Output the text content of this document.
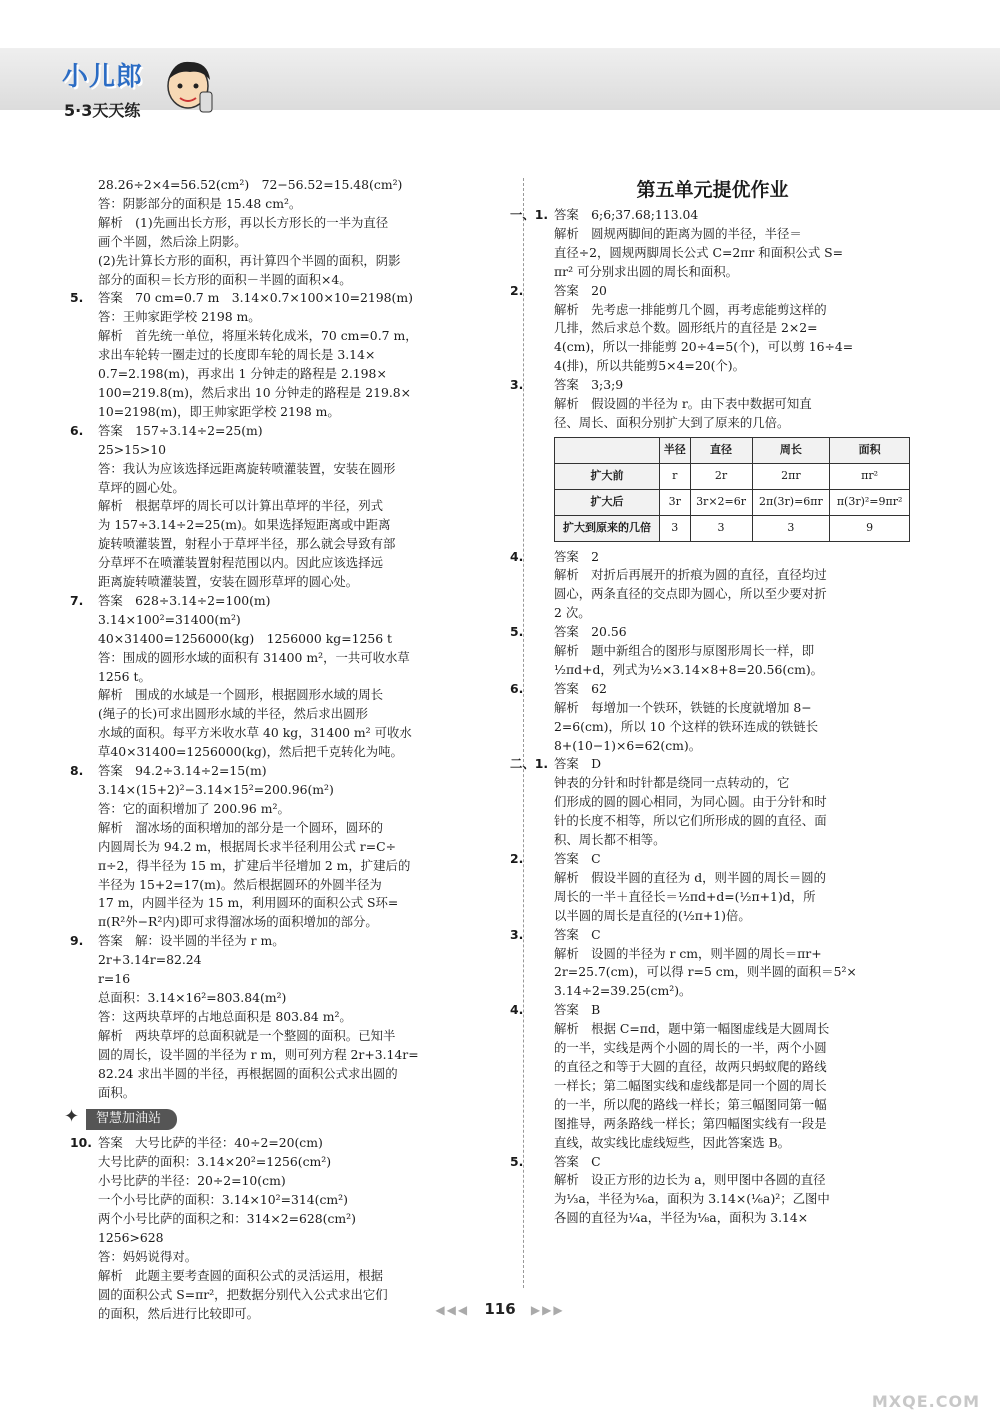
小儿郎
5·3天天练
28.26÷2×4=56.52(cm²)　72−56.52=15.48(cm²)
答：阴影部分的面积是 15.48 cm²。
解析　(1)先画出长方形，再以长方形长的一半为直径
画个半圆，然后涂上阴影。
(2)先计算长方形的面积，再计算四个半圆的面积，阴影
部分的面积＝长方形的面积－半圆的面积×4。
5.	答案　70 cm=0.7 m　3.14×0.7×100×10=2198(m)
答：王帅家距学校 2198 m。
解析　首先统一单位，将厘米转化成米，70 cm=0.7 m，
求出车轮转一圈走过的长度即车轮的周长是 3.14×
0.7=2.198(m)，再求出 1 分钟走的路程是 2.198×
100=219.8(m)，然后求出 10 分钟走的路程是 219.8×
10=2198(m)，即王帅家距学校 2198 m。
6.	答案　157÷3.14÷2=25(m)
25>15>10
答：我认为应该选择远距离旋转喷灌装置，安装在圆形
草坪的圆心处。
解析　根据草坪的周长可以计算出草坪的半径，列式
为 157÷3.14÷2=25(m)。如果选择短距离或中距离
旋转喷灌装置，射程小于草坪半径，那么就会导致有部
分草坪不在喷灌装置射程范围以内。因此应该选择远
距离旋转喷灌装置，安装在圆形草坪的圆心处。
7.	答案　628÷3.14÷2=100(m)
3.14×100²=31400(m²)
40×31400=1256000(kg)　1256000 kg=1256 t
答：围成的圆形水域的面积有 31400 m²，一共可收水草
1256 t。
解析　围成的水域是一个圆形，根据圆形水域的周长
(绳子的长)可求出圆形水域的半径，然后求出圆形
水域的面积。每平方米收水草 40 kg，31400 m² 可收水
草40×31400=1256000(kg)，然后把千克转化为吨。
8.	答案　94.2÷3.14÷2=15(m)
3.14×(15+2)²−3.14×15²=200.96(m²)
答：它的面积增加了 200.96 m²。
解析　溜冰场的面积增加的部分是一个圆环，圆环的
内圆周长为 94.2 m，根据周长求半径利用公式 r=C÷
π÷2，得半径为 15 m，扩建后半径增加 2 m，扩建后的
半径为 15+2=17(m)。然后根据圆环的外圆半径为
17 m，内圆半径为 15 m，利用圆环的面积公式 S环=
π(R²外−R²内)即可求得溜冰场的面积增加的部分。
9.	答案　解：设半圆的半径为 r m。
2r+3.14r=82.24
r=16
总面积：3.14×16²=803.84(m²)
答：这两块草坪的占地总面积是 803.84 m²。
解析　两块草坪的总面积就是一个整圆的面积。已知半
圆的周长，设半圆的半径为 r m，则可列方程 2r+3.14r=
82.24 求出半圆的半径，再根据圆的面积公式求出圆的
面积。
✦	智慧加油站
10. 答案　大号比萨的半径：40÷2=20(cm)
大号比萨的面积：3.14×20²=1256(cm²)
小号比萨的半径：20÷2=10(cm)
一个小号比萨的面积：3.14×10²=314(cm²)
两个小号比萨的面积之和：314×2=628(cm²)
1256>628
答：妈妈说得对。
解析　此题主要考查圆的面积公式的灵活运用，根据
圆的面积公式 S=πr²，把数据分别代入公式求出它们
的面积，然后进行比较即可。
第五单元提优作业
一、1. 答案　6;6;37.68;113.04
解析　圆规两脚间的距离为圆的半径，半径＝
直径÷2，圆规两脚周长公式 C=2πr 和面积公式 S=
πr² 可分别求出圆的周长和面积。
2.	答案　20
解析　先考虑一排能剪几个圆，再考虑能剪这样的
几排，然后求总个数。圆形纸片的直径是 2×2=
4(cm)，所以一排能剪 20÷4=5(个)，可以剪 16÷4=
4(排)，所以共能剪5×4=20(个)。
3.	答案　3;3;9
解析　假设圆的半径为 r。由下表中数据可知直
径、周长、面积分别扩大到了原来的几倍。
	半径	直径	周长	面积
扩大前	r	2r	2πr	πr²
扩大后	3r	3r×2=6r	2π(3r)=6πr	π(3r)²=9πr²
扩大到原来的几倍	3	3	3	9
4.	答案　2
解析　对折后再展开的折痕为圆的直径，直径均过
圆心，两条直径的交点即为圆心，所以至少要对折
2 次。
5.	答案　20.56
解析　题中新组合的图形与原图形周长一样，即
½πd+d，列式为½×3.14×8+8=20.56(cm)。
6.	答案　62
解析　每增加一个铁环，铁链的长度就增加 8−
2=6(cm)，所以 10 个这样的铁环连成的铁链长
8+(10−1)×6=62(cm)。
二、1. 答案　D
钟表的分针和时针都是绕同一点转动的，它
们形成的圆的圆心相同，为同心圆。由于分针和时
针的长度不相等，所以它们所形成的圆的直径、面
积、周长都不相等。
2.	答案　C
解析　假设半圆的直径为 d，则半圆的周长＝圆的
周长的一半＋直径长＝½πd+d=(½π+1)d，所
以半圆的周长是直径的(½π+1)倍。
3.	答案　C
解析　设圆的半径为 r cm，则半圆的周长＝πr+
2r=25.7(cm)，可以得 r=5 cm，则半圆的面积＝5²×
3.14÷2=39.25(cm²)。
4.	答案　B
解析　根据 C=πd，题中第一幅图虚线是大圆周长
的一半，实线是两个小圆的周长的一半，两个小圆
的直径之和等于大圆的直径，故两只蚂蚁爬的路线
一样长；第二幅图实线和虚线都是同一个圆的周长
的一半，所以爬的路线一样长；第三幅图同第一幅
图推导，两条路线一样长；第四幅图实线有一段是
直线，故实线比虚线短些，因此答案选 B。
5.	答案　C
解析　设正方形的边长为 a，则甲图中各圆的直径
为⅓a，半径为⅙a，面积为 3.14×(⅙a)²；乙图中
各圆的直径为¼a，半径为⅛a，面积为 3.14×
◀◀◀ 116 ▶▶▶
MXQE.COM
